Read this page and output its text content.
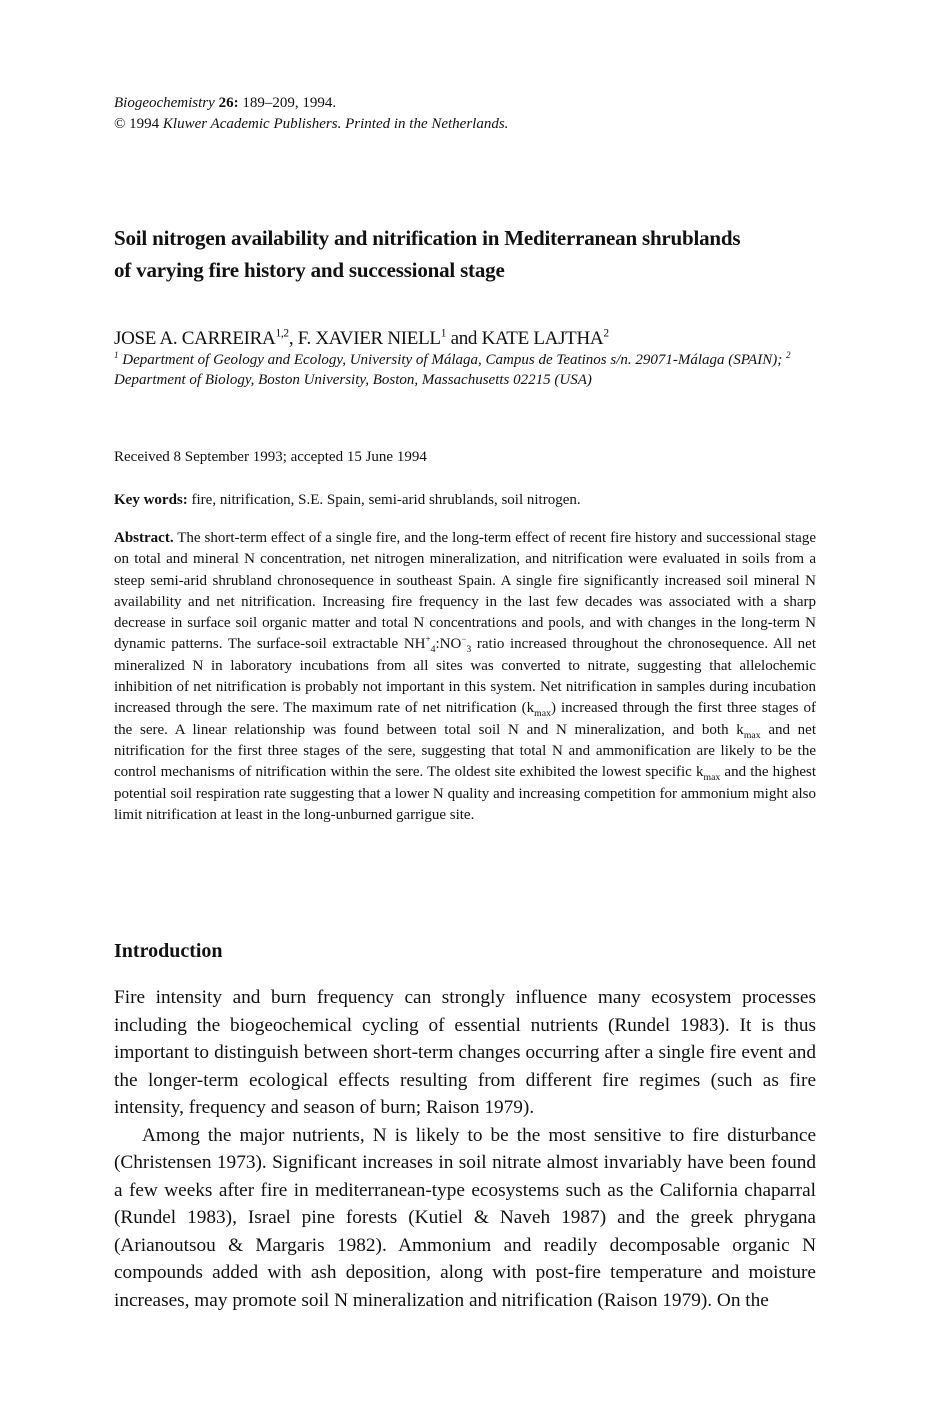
Biogeochemistry 26: 189–209, 1994.
© 1994 Kluwer Academic Publishers. Printed in the Netherlands.
Soil nitrogen availability and nitrification in Mediterranean shrublands
of varying fire history and successional stage
JOSE A. CARREIRA$^{1,2}$, F. XAVIER NIELL$^1$ and KATE LAJTHA$^2$
$^1$ Department of Geology and Ecology, University of Málaga, Campus de Teatinos s/n. 29071-Málaga (SPAIN); $^2$ Department of Biology, Boston University, Boston, Massachusetts 02215 (USA)
Received 8 September 1993; accepted 15 June 1994
Key words: fire, nitrification, S.E. Spain, semi-arid shrublands, soil nitrogen.
Abstract. The short-term effect of a single fire, and the long-term effect of recent fire history and successional stage on total and mineral N concentration, net nitrogen mineralization, and nitrification were evaluated in soils from a steep semi-arid shrubland chronosequence in southeast Spain. A single fire significantly increased soil mineral N availability and net nitrification. Increasing fire frequency in the last few decades was associated with a sharp decrease in surface soil organic matter and total N concentrations and pools, and with changes in the long-term N dynamic patterns. The surface-soil extractable $NH^+_4:NO^-_3$ ratio increased throughout the chronosequence. All net mineralized N in laboratory incubations from all sites was converted to nitrate, suggesting that allelochemic inhibition of net nitrification is probably not important in this system. Net nitrification in samples during incubation increased through the sere. The maximum rate of net nitrification $(k_{max})$ increased through the first three stages of the sere. A linear relationship was found between total soil N and N mineralization, and both $k_{max}$ and net nitrification for the first three stages of the sere, suggesting that total N and ammonification are likely to be the control mechanisms of nitrification within the sere. The oldest site exhibited the lowest specific $k_{max}$ and the highest potential soil respiration rate suggesting that a lower N quality and increasing competition for ammonium might also limit nitrification at least in the long-unburned garrigue site.
Introduction

Fire intensity and burn frequency can strongly influence many ecosystem processes including the biogeochemical cycling of essential nutrients (Rundel 1983). It is thus important to distinguish between short-term changes occurring after a single fire event and the longer-term ecological effects resulting from different fire regimes (such as fire intensity, frequency and season of burn; Raison 1979).

Among the major nutrients, N is likely to be the most sensitive to fire disturbance (Christensen 1973). Significant increases in soil nitrate almost invariably have been found a few weeks after fire in mediterranean-type ecosystems such as the California chaparral (Rundel 1983), Israel pine forests (Kutiel & Naveh 1987) and the greek phrygana (Arianoutsou & Margaris 1982). Ammonium and readily decomposable organic N compounds added with ash deposition, along with post-fire temperature and moisture increases, may promote soil N mineralization and nitrification (Raison 1979). On the
